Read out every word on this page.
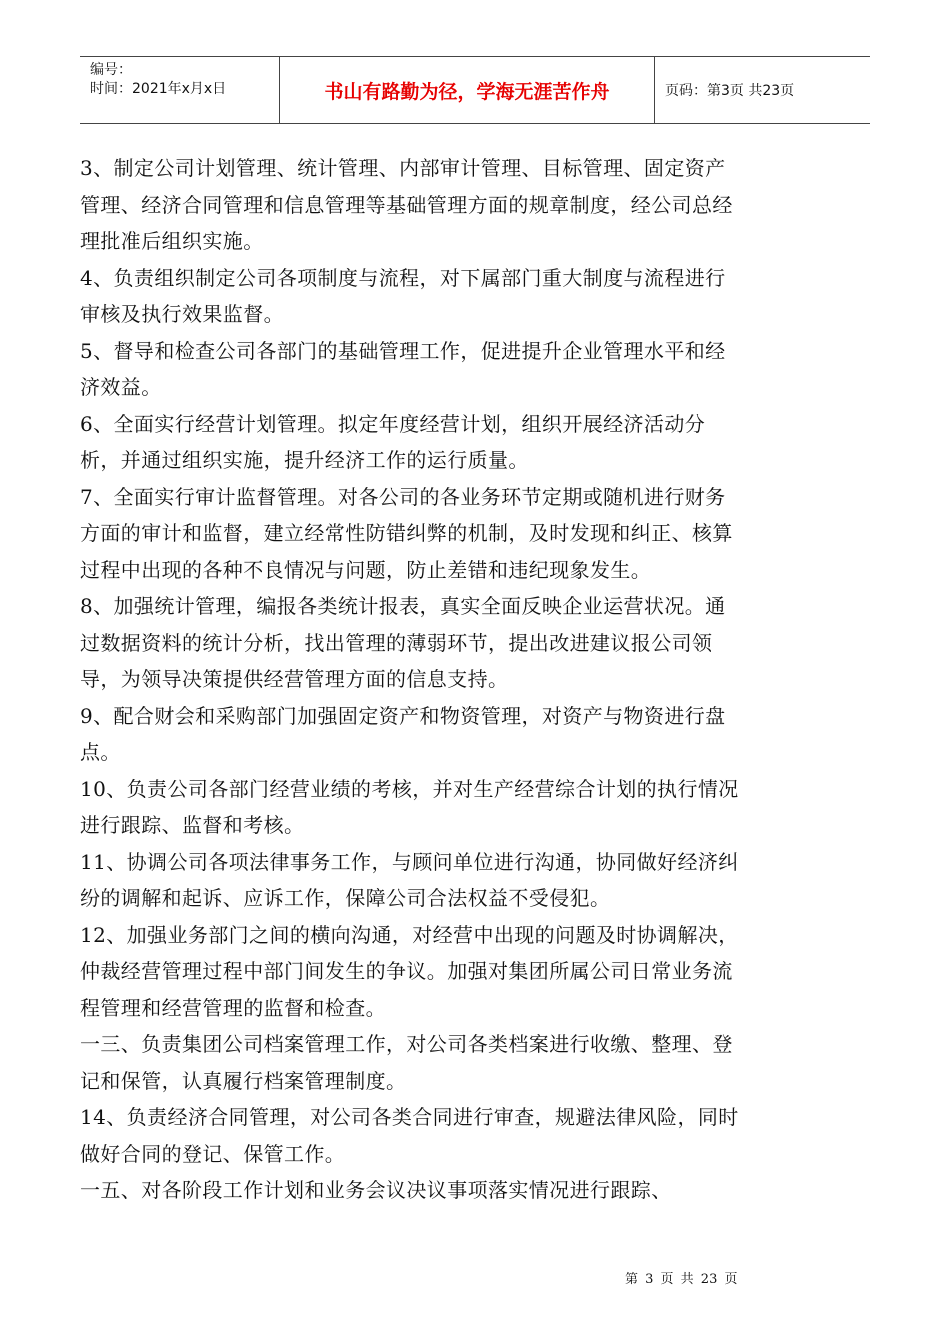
编号：
时间：2021年x月x日	书山有路勤为径，学海无涯苦作舟	页码：第3页 共23页

3、制定公司计划管理、统计管理、内部审计管理、目标管理、固定资产管理、经济合同管理和信息管理等基础管理方面的规章制度，经公司总经理批准后组织实施。

4、负责组织制定公司各项制度与流程，对下属部门重大制度与流程进行审核及执行效果监督。

5、督导和检查公司各部门的基础管理工作，促进提升企业管理水平和经济效益。

6、全面实行经营计划管理。拟定年度经营计划，组织开展经济活动分析，并通过组织实施，提升经济工作的运行质量。

7、全面实行审计监督管理。对各公司的各业务环节定期或随机进行财务方面的审计和监督，建立经常性防错纠弊的机制，及时发现和纠正、核算过程中出现的各种不良情况与问题，防止差错和违纪现象发生。

8、加强统计管理，编报各类统计报表，真实全面反映企业运营状况。通过数据资料的统计分析，找出管理的薄弱环节，提出改进建议报公司领导，为领导决策提供经营管理方面的信息支持。

9、配合财会和采购部门加强固定资产和物资管理，对资产与物资进行盘点。

10、负责公司各部门经营业绩的考核，并对生产经营综合计划的执行情况进行跟踪、监督和考核。

11、协调公司各项法律事务工作，与顾问单位进行沟通，协同做好经济纠纷的调解和起诉、应诉工作，保障公司合法权益不受侵犯。

12、加强业务部门之间的横向沟通，对经营中出现的问题及时协调解决，仲裁经营管理过程中部门间发生的争议。加强对集团所属公司日常业务流程管理和经营管理的监督和检查。

一三、负责集团公司档案管理工作，对公司各类档案进行收缴、整理、登记和保管，认真履行档案管理制度。

14、负责经济合同管理，对公司各类合同进行审查，规避法律风险，同时做好合同的登记、保管工作。

一五、对各阶段工作计划和业务会议决议事项落实情况进行跟踪、

第 3 页 共 23 页
